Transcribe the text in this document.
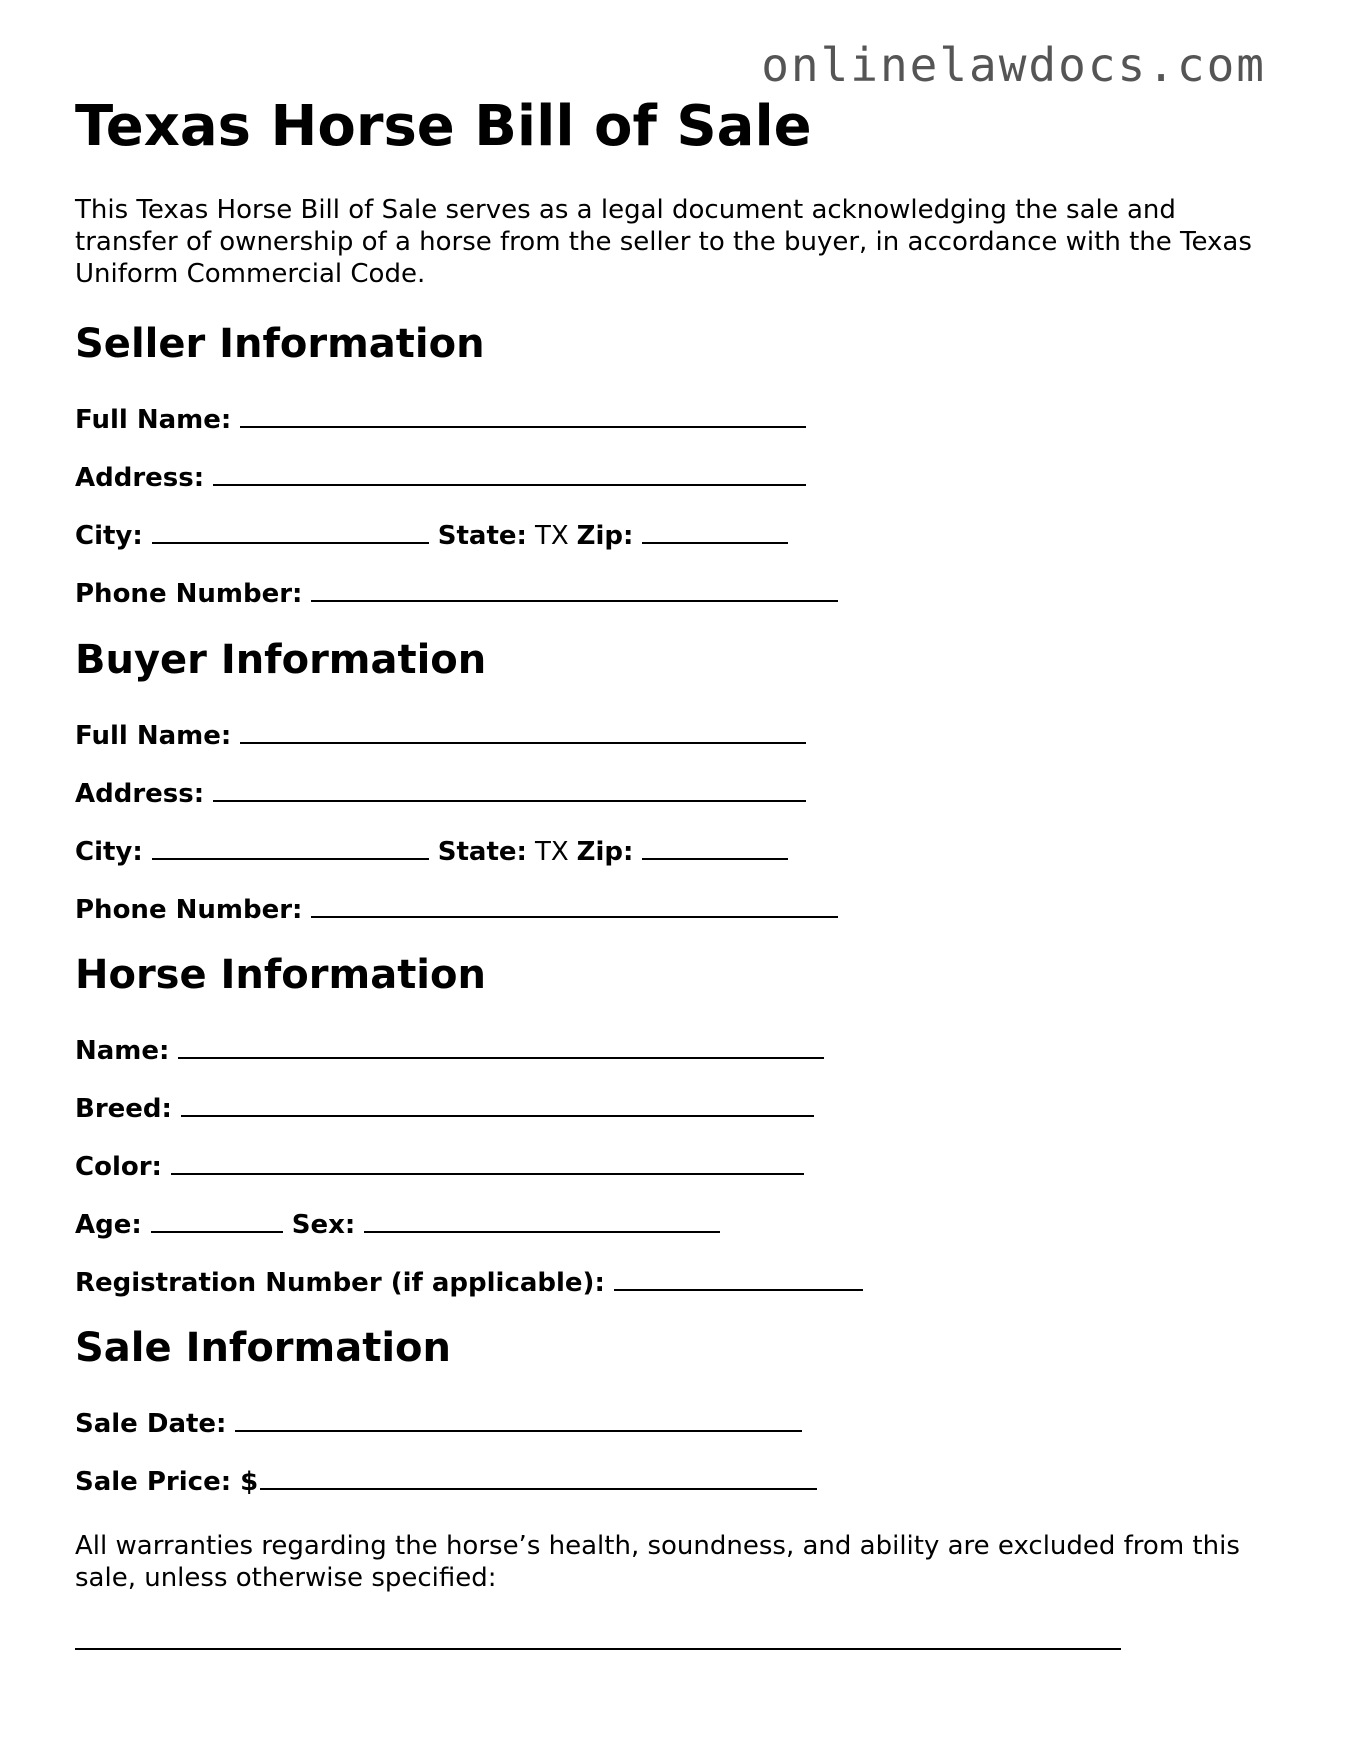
onlinelawdocs.com
Texas Horse Bill of Sale

This Texas Horse Bill of Sale serves as a legal document acknowledging the sale and transfer of ownership of a horse from the seller to the buyer, in accordance with the Texas Uniform Commercial Code.

Seller Information
Full Name:
Address:
City:	State: TX Zip:
Phone Number:
Buyer Information
Full Name:
Address:
City:	State: TX Zip:
Phone Number:
Horse Information
Name:
Breed:
Color:
Age:	Sex:
Registration Number (if applicable):
Sale Information
Sale Date:
Sale Price: $

All warranties regarding the horse’s health, soundness, and ability are excluded from this sale, unless otherwise specified:
